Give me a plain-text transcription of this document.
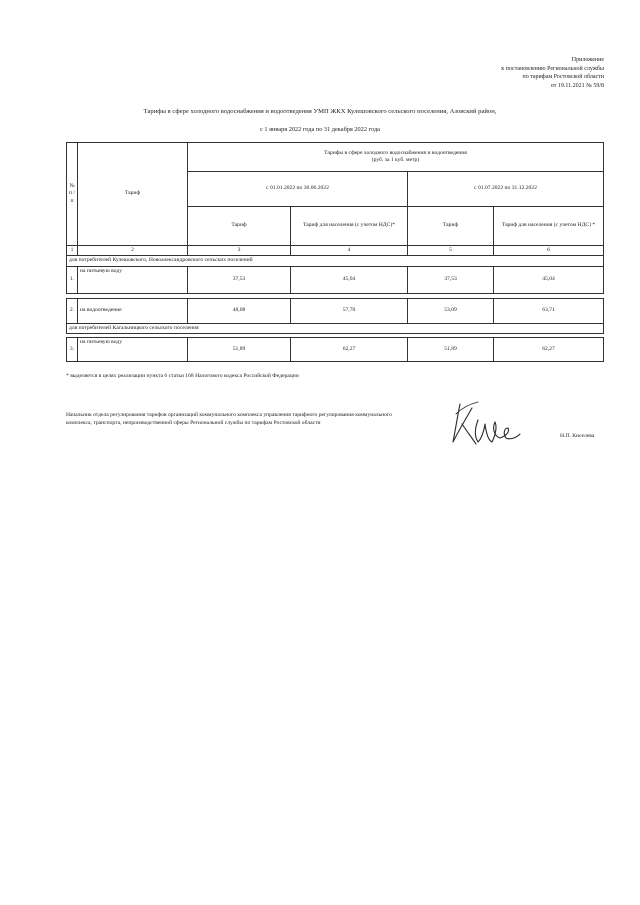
Приложение
к постановлению Региональной службы
по тарифам Ростовской области
от 19.11.2021 № 59/8
Тарифы в сфере холодного водоснабжения и водоотведения УМП ЖКХ Кулешовского сельского поселения, Азовский район,
с 1 января 2022 года по 31 декабря 2022 года
№ п /п	Тариф	Тарифы в сфере холодного водоснабжения и водоотведения
(руб. за 1 куб. метр)			

		с 01.01.2022 по 30.06.2022		с 01.07.2022 по 31.12.2022	
		Тариф	Тариф для населения (с учетом НДС)*	Тариф	Тариф для населения (с учетом НДС) *
1	2	3	4	5	6
для потребителей Кулешовского, Новоалександровского сельских поселений					
1.	на питьевую воду	37,53	45,04	37,53	45,04

2.	на водоотведение	48,08	57,70	53,09	63,71
для потребителей Кагальницкого сельского поселения					

3.	на питьевую воду	51,89	62,27	51,89	62,27
* выделяется в целях реализации пункта 6 статьи 168 Налогового кодекса Российской Федерации
Начальник отдела регулирования тарифов организаций коммунального комплекса управления тарифного регулирования коммунального комплекса, транспорта, непроизводственной сферы Региональной службы по тарифам Ростовской области
Н.П. Киселева
